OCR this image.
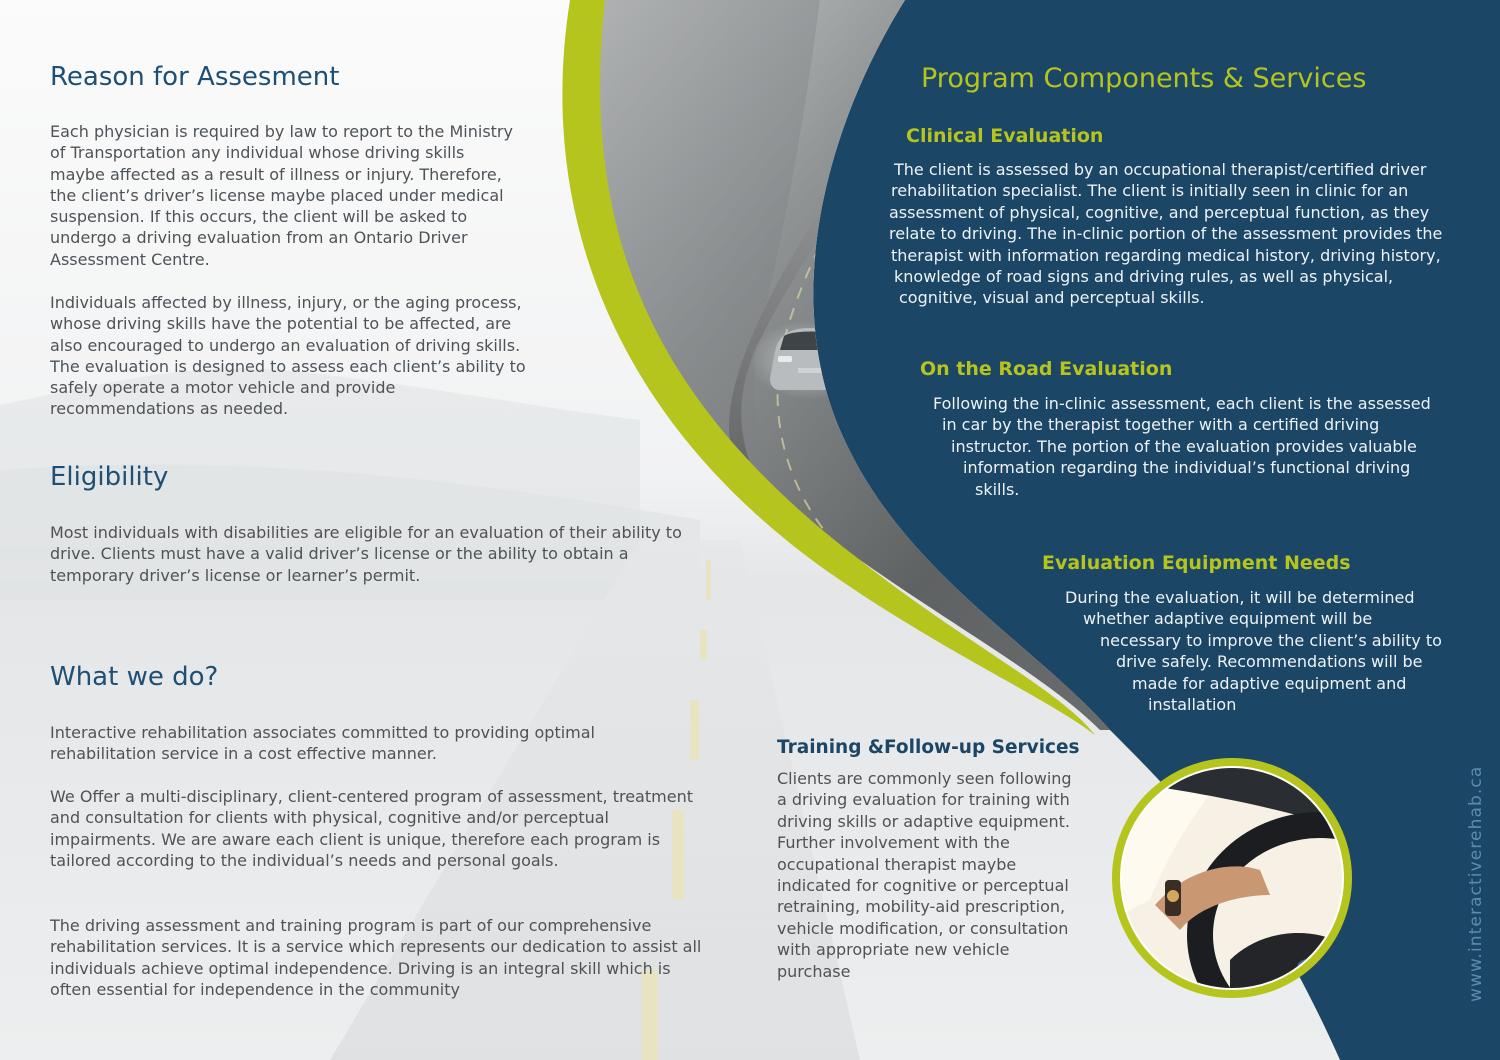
Reason for Assesment

Each physician is required by law to report to the Ministry of Transportation any individual whose driving skills maybe affected as a result of illness or injury. Therefore, the client’s driver’s license maybe placed under medical suspension. If this occurs, the client will be asked to undergo a driving evaluation from an Ontario Driver Assessment Centre.

Individuals affected by illness, injury, or the aging process, whose driving skills have the potential to be affected, are also encouraged to undergo an evaluation of driving skills. The evaluation is designed to assess each client’s ability to safely operate a motor vehicle and provide recommendations as needed.

Eligibility

Most individuals with disabilities are eligible for an evaluation of their ability to drive. Clients must have a valid driver’s license or the ability to obtain a temporary driver’s license or learner’s permit.

What we do?

Interactive rehabilitation associates committed to providing optimal rehabilitation service in a cost effective manner.

We Offer a multi-disciplinary, client-centered program of assessment, treatment and consultation for clients with physical, cognitive and/or perceptual impairments. We are aware each client is unique, therefore each program is tailored according to the individual’s needs and personal goals.

The driving assessment and training program is part of our comprehensive rehabilitation services. It is a service which represents our dedication to assist all individuals achieve optimal independence. Driving is an integral skill which is often essential for independence in the community

Program Components & Services
Clinical Evaluation
The client is assessed by an occupational therapist/certified driver
rehabilitation specialist. The client is initially seen in clinic for an
assessment of physical, cognitive, and perceptual function, as they
relate to driving. The in-clinic portion of the assessment provides the
therapist with information regarding medical history, driving history,
knowledge of road signs and driving rules, as well as physical,
cognitive, visual and perceptual skills.
On the Road Evaluation
Following the in-clinic assessment, each client is the assessed
in car by the therapist together with a certified driving
instructor. The portion of the evaluation provides valuable
information regarding the individual’s functional driving
skills.
Evaluation Equipment Needs
During the evaluation, it will be determined
whether adaptive equipment will be
necessary to improve the client’s ability to
drive safely. Recommendations will be
made for adaptive equipment and
installation
Training &Follow-up Services

Clients are commonly seen following a driving evaluation for training with driving skills or adaptive equipment. Further involvement with the occupational therapist maybe indicated for cognitive or perceptual retraining, mobility-aid prescription, vehicle modification, or consultation with appropriate new vehicle purchase	www.interactiverehab.ca
